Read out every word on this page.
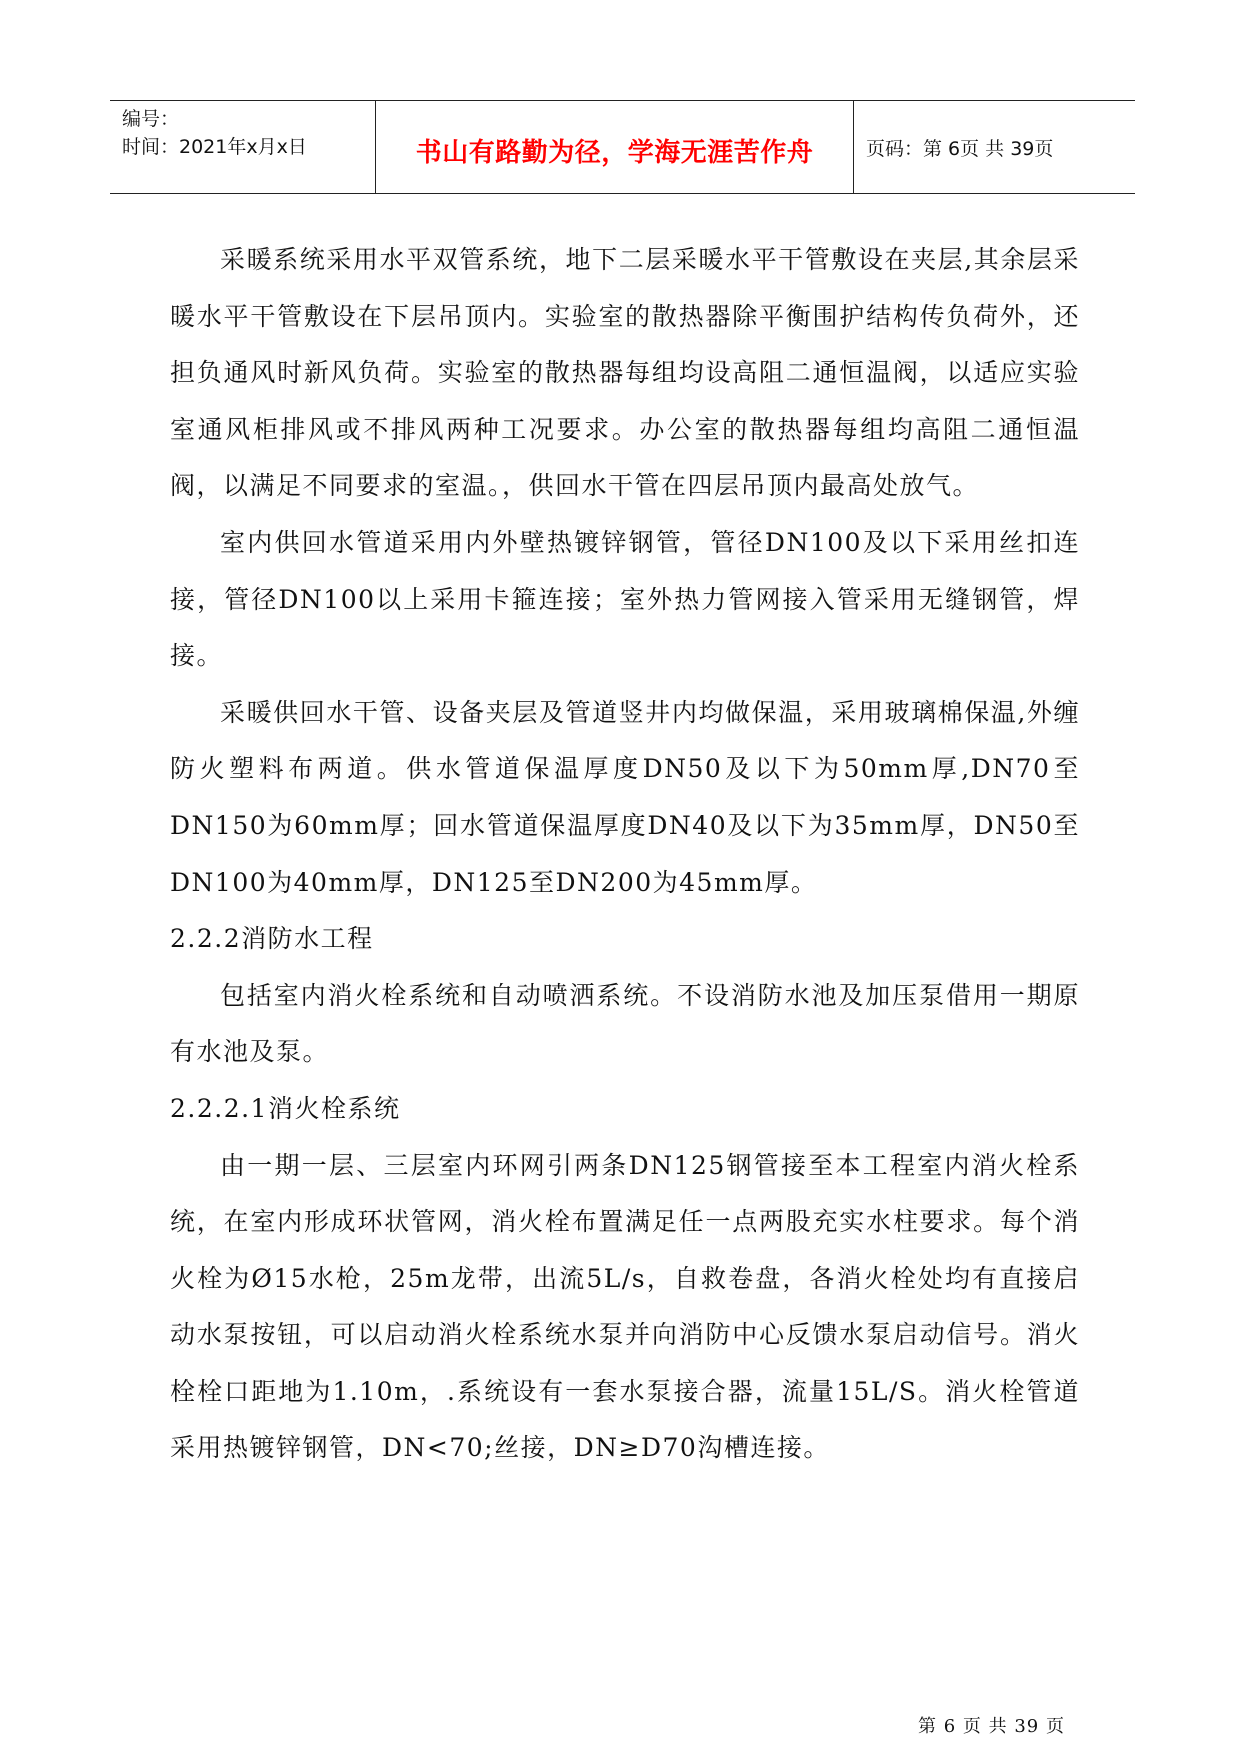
编号：
时间：2021年x月x日	书山有路勤为径，学海无涯苦作舟	页码：第 6页 共 39页

采暖系统采用水平双管系统，地下二层采暖水平干管敷设在夹层,其余层采暖水平干管敷设在下层吊顶内。实验室的散热器除平衡围护结构传负荷外，还担负通风时新风负荷。实验室的散热器每组均设高阻二通恒温阀，以适应实验室通风柜排风或不排风两种工况要求。办公室的散热器每组均高阻二通恒温阀，以满足不同要求的室温。，供回水干管在四层吊顶内最高处放气。

室内供回水管道采用内外壁热镀锌钢管，管径DN100及以下采用丝扣连接，管径DN100以上采用卡箍连接；室外热力管网接入管采用无缝钢管，焊接。

采暖供回水干管、设备夹层及管道竖井内均做保温，采用玻璃棉保温,外缠防火塑料布两道。供水管道保温厚度DN50及以下为50mm厚,DN70至DN150为60mm厚；回水管道保温厚度DN40及以下为35mm厚，DN50至DN100为40mm厚，DN125至DN200为45mm厚。

2.2.2消防水工程

包括室内消火栓系统和自动喷洒系统。不设消防水池及加压泵借用一期原有水池及泵。

2.2.2.1消火栓系统

由一期一层、三层室内环网引两条DN125钢管接至本工程室内消火栓系统，在室内形成环状管网，消火栓布置满足任一点两股充实水柱要求。每个消火栓为Ø15水枪，25m龙带，出流5L/s，自救卷盘，各消火栓处均有直接启动水泵按钮，可以启动消火栓系统水泵并向消防中心反馈水泵启动信号。消火栓栓口距地为1.10m，.系统设有一套水泵接合器，流量15L/S。消火栓管道采用热镀锌钢管，DN<70;丝接，DN≥D70沟槽连接。

第 6 页 共 39 页
